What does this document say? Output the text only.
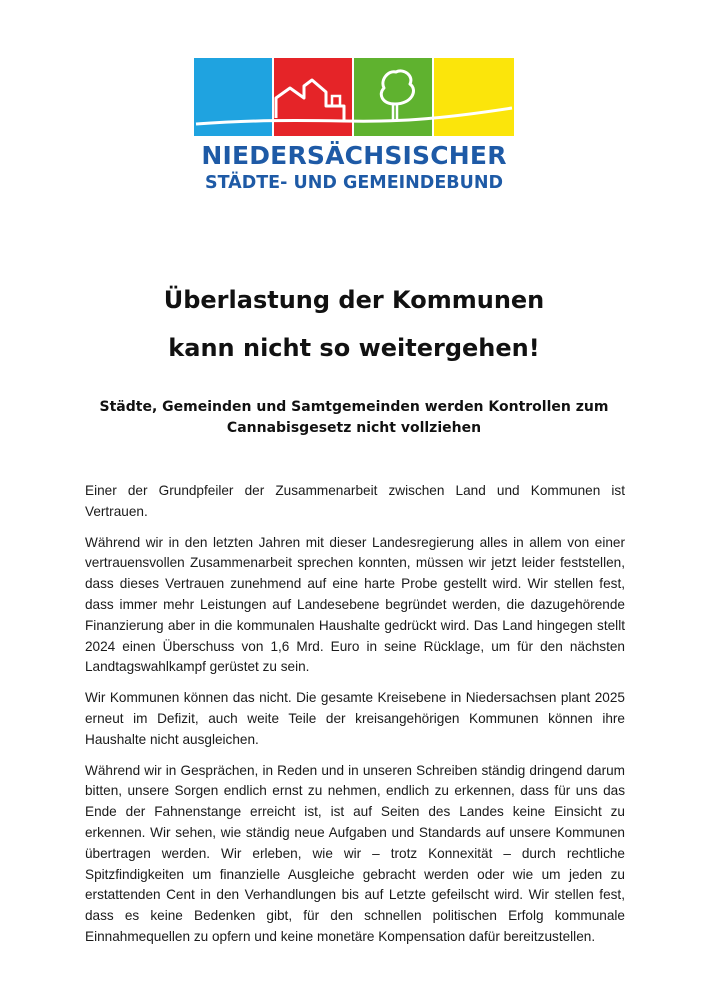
NIEDERSÄCHSISCHER
STÄDTE- UND GEMEINDEBUND
Überlastung der Kommunen
kann nicht so weitergehen!
Städte, Gemeinden und Samtgemeinden werden Kontrollen zum Cannabisgesetz nicht vollziehen

Einer der Grundpfeiler der Zusammenarbeit zwischen Land und Kommunen ist Vertrauen.

Während wir in den letzten Jahren mit dieser Landesregierung alles in allem von einer vertrauensvollen Zusammenarbeit sprechen konnten, müssen wir jetzt leider feststellen, dass dieses Vertrauen zunehmend auf eine harte Probe gestellt wird. Wir stellen fest, dass immer mehr Leistungen auf Landesebene begründet werden, die dazugehörende Finanzierung aber in die kommunalen Haushalte gedrückt wird. Das Land hingegen stellt 2024 einen Überschuss von 1,6 Mrd. Euro in seine Rücklage, um für den nächsten Landtagswahlkampf gerüstet zu sein.

Wir Kommunen können das nicht. Die gesamte Kreisebene in Niedersachsen plant 2025 erneut im Defizit, auch weite Teile der kreisangehörigen Kommunen können ihre Haushalte nicht ausgleichen.

Während wir in Gesprächen, in Reden und in unseren Schreiben ständig dringend darum bitten, unsere Sorgen endlich ernst zu nehmen, endlich zu erkennen, dass für uns das Ende der Fahnenstange erreicht ist, ist auf Seiten des Landes keine Einsicht zu erkennen. Wir sehen, wie ständig neue Aufgaben und Standards auf unsere Kommunen übertragen werden. Wir erleben, wie wir – trotz Konnexität – durch rechtliche Spitzfindigkeiten um finanzielle Ausgleiche gebracht werden oder wie um jeden zu erstattenden Cent in den Verhandlungen bis auf Letzte gefeilscht wird. Wir stellen fest, dass es keine Bedenken gibt, für den schnellen politischen Erfolg kommunale Einnahmequellen zu opfern und keine monetäre Kompensation dafür bereitzustellen.
